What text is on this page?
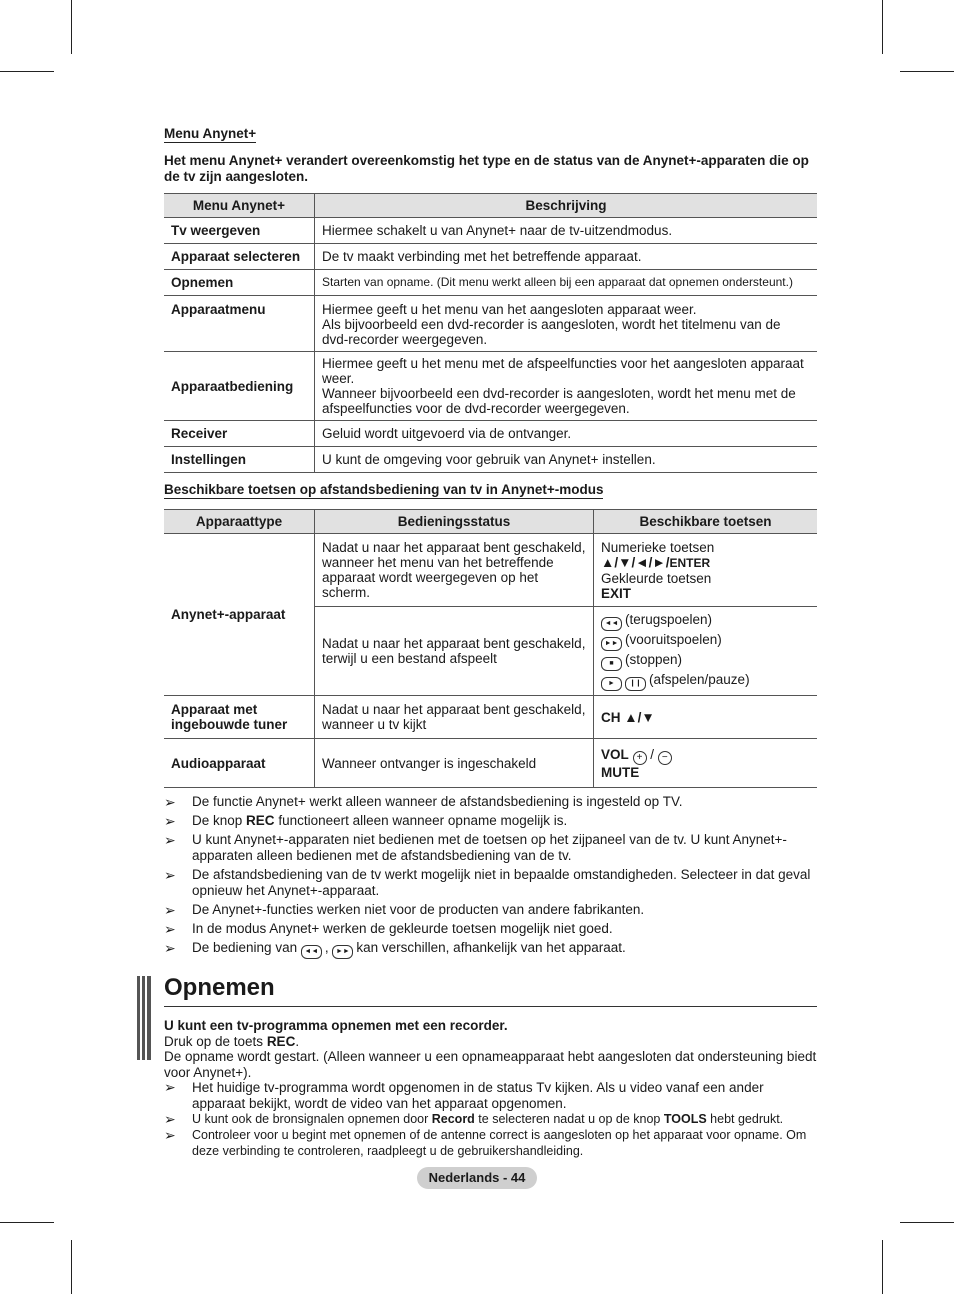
Menu Anynet+
Het menu Anynet+ verandert overeenkomstig het type en de status van de Anynet+-apparaten die op de tv zijn aangesloten.
Menu Anynet+	Beschrijving
Tv weergeven	Hiermee schakelt u van Anynet+ naar de tv-uitzendmodus.
Apparaat selecteren	De tv maakt verbinding met het betreffende apparaat.
Opnemen	Starten van opname. (Dit menu werkt alleen bij een apparaat dat opnemen ondersteunt.)
Apparaatmenu	Hiermee geeft u het menu van het aangesloten apparaat weer.
Als bijvoorbeeld een dvd-recorder is aangesloten, wordt het titelmenu van de dvd-recorder weergegeven.

Apparaatbediening	Hiermee geeft u het menu met de afspeelfuncties voor het aangesloten apparaat weer.
Wanneer bijvoorbeeld een dvd-recorder is aangesloten, wordt het menu met de afspeelfuncties voor de dvd-recorder weergegeven.

Receiver	Geluid wordt uitgevoerd via de ontvanger.
Instellingen	U kunt de omgeving voor gebruik van Anynet+ instellen.
Beschikbare toetsen op afstandsbediening van tv in Anynet+-modus
Apparaattype	Bedieningsstatus	Beschikbare toetsen
Anynet+-apparaat	Nadat u naar het apparaat bent geschakeld, wanneer het menu van het betreffende apparaat wordt weergegeven op het scherm.	Numerieke toetsen
▲/▼/◄/►/ENTER
Gekleurde toetsen
EXIT

	Nadat u naar het apparaat bent geschakeld, terwijl u een bestand afspeelt	◄◄ (terugspoelen)
►► (vooruitspoelen)
■ (stoppen)
► ❙❙ (afspelen/pauze)

Apparaat met ingebouwde tuner	Nadat u naar het apparaat bent geschakeld, wanneer u tv kijkt	CH ▲/▼
Audioapparaat	Wanneer ontvanger is ingeschakeld	VOL + / −
MUTE
➢ De functie Anynet+ werkt alleen wanneer de afstandsbediening is ingesteld op TV.
➢ De knop REC functioneert alleen wanneer opname mogelijk is.
➢ U kunt Anynet+-apparaten niet bedienen met de toetsen op het zijpaneel van de tv. U kunt Anynet+-apparaten alleen bedienen met de afstandsbediening van de tv.
➢ De afstandsbediening van de tv werkt mogelijk niet in bepaalde omstandigheden. Selecteer in dat geval opnieuw het Anynet+-apparaat.
➢ De Anynet+-functies werken niet voor de producten van andere fabrikanten.
➢ In de modus Anynet+ werken de gekleurde toetsen mogelijk niet goed.
➢ De bediening van ◄◄ , ►► kan verschillen, afhankelijk van het apparaat.
Opnemen
U kunt een tv-programma opnemen met een recorder.
Druk op de toets REC.
De opname wordt gestart. (Alleen wanneer u een opnameapparaat hebt aangesloten dat ondersteuning biedt voor Anynet+).
➢ Het huidige tv-programma wordt opgenomen in de status Tv kijken. Als u video vanaf een ander apparaat bekijkt, wordt de video van het apparaat opgenomen.
➢ U kunt ook de bronsignalen opnemen door Record te selecteren nadat u op de knop TOOLS hebt gedrukt.
➢ Controleer voor u begint met opnemen of de antenne correct is aangesloten op het apparaat voor opname. Om deze verbinding te controleren, raadpleegt u de gebruikershandleiding.
Nederlands - 44
